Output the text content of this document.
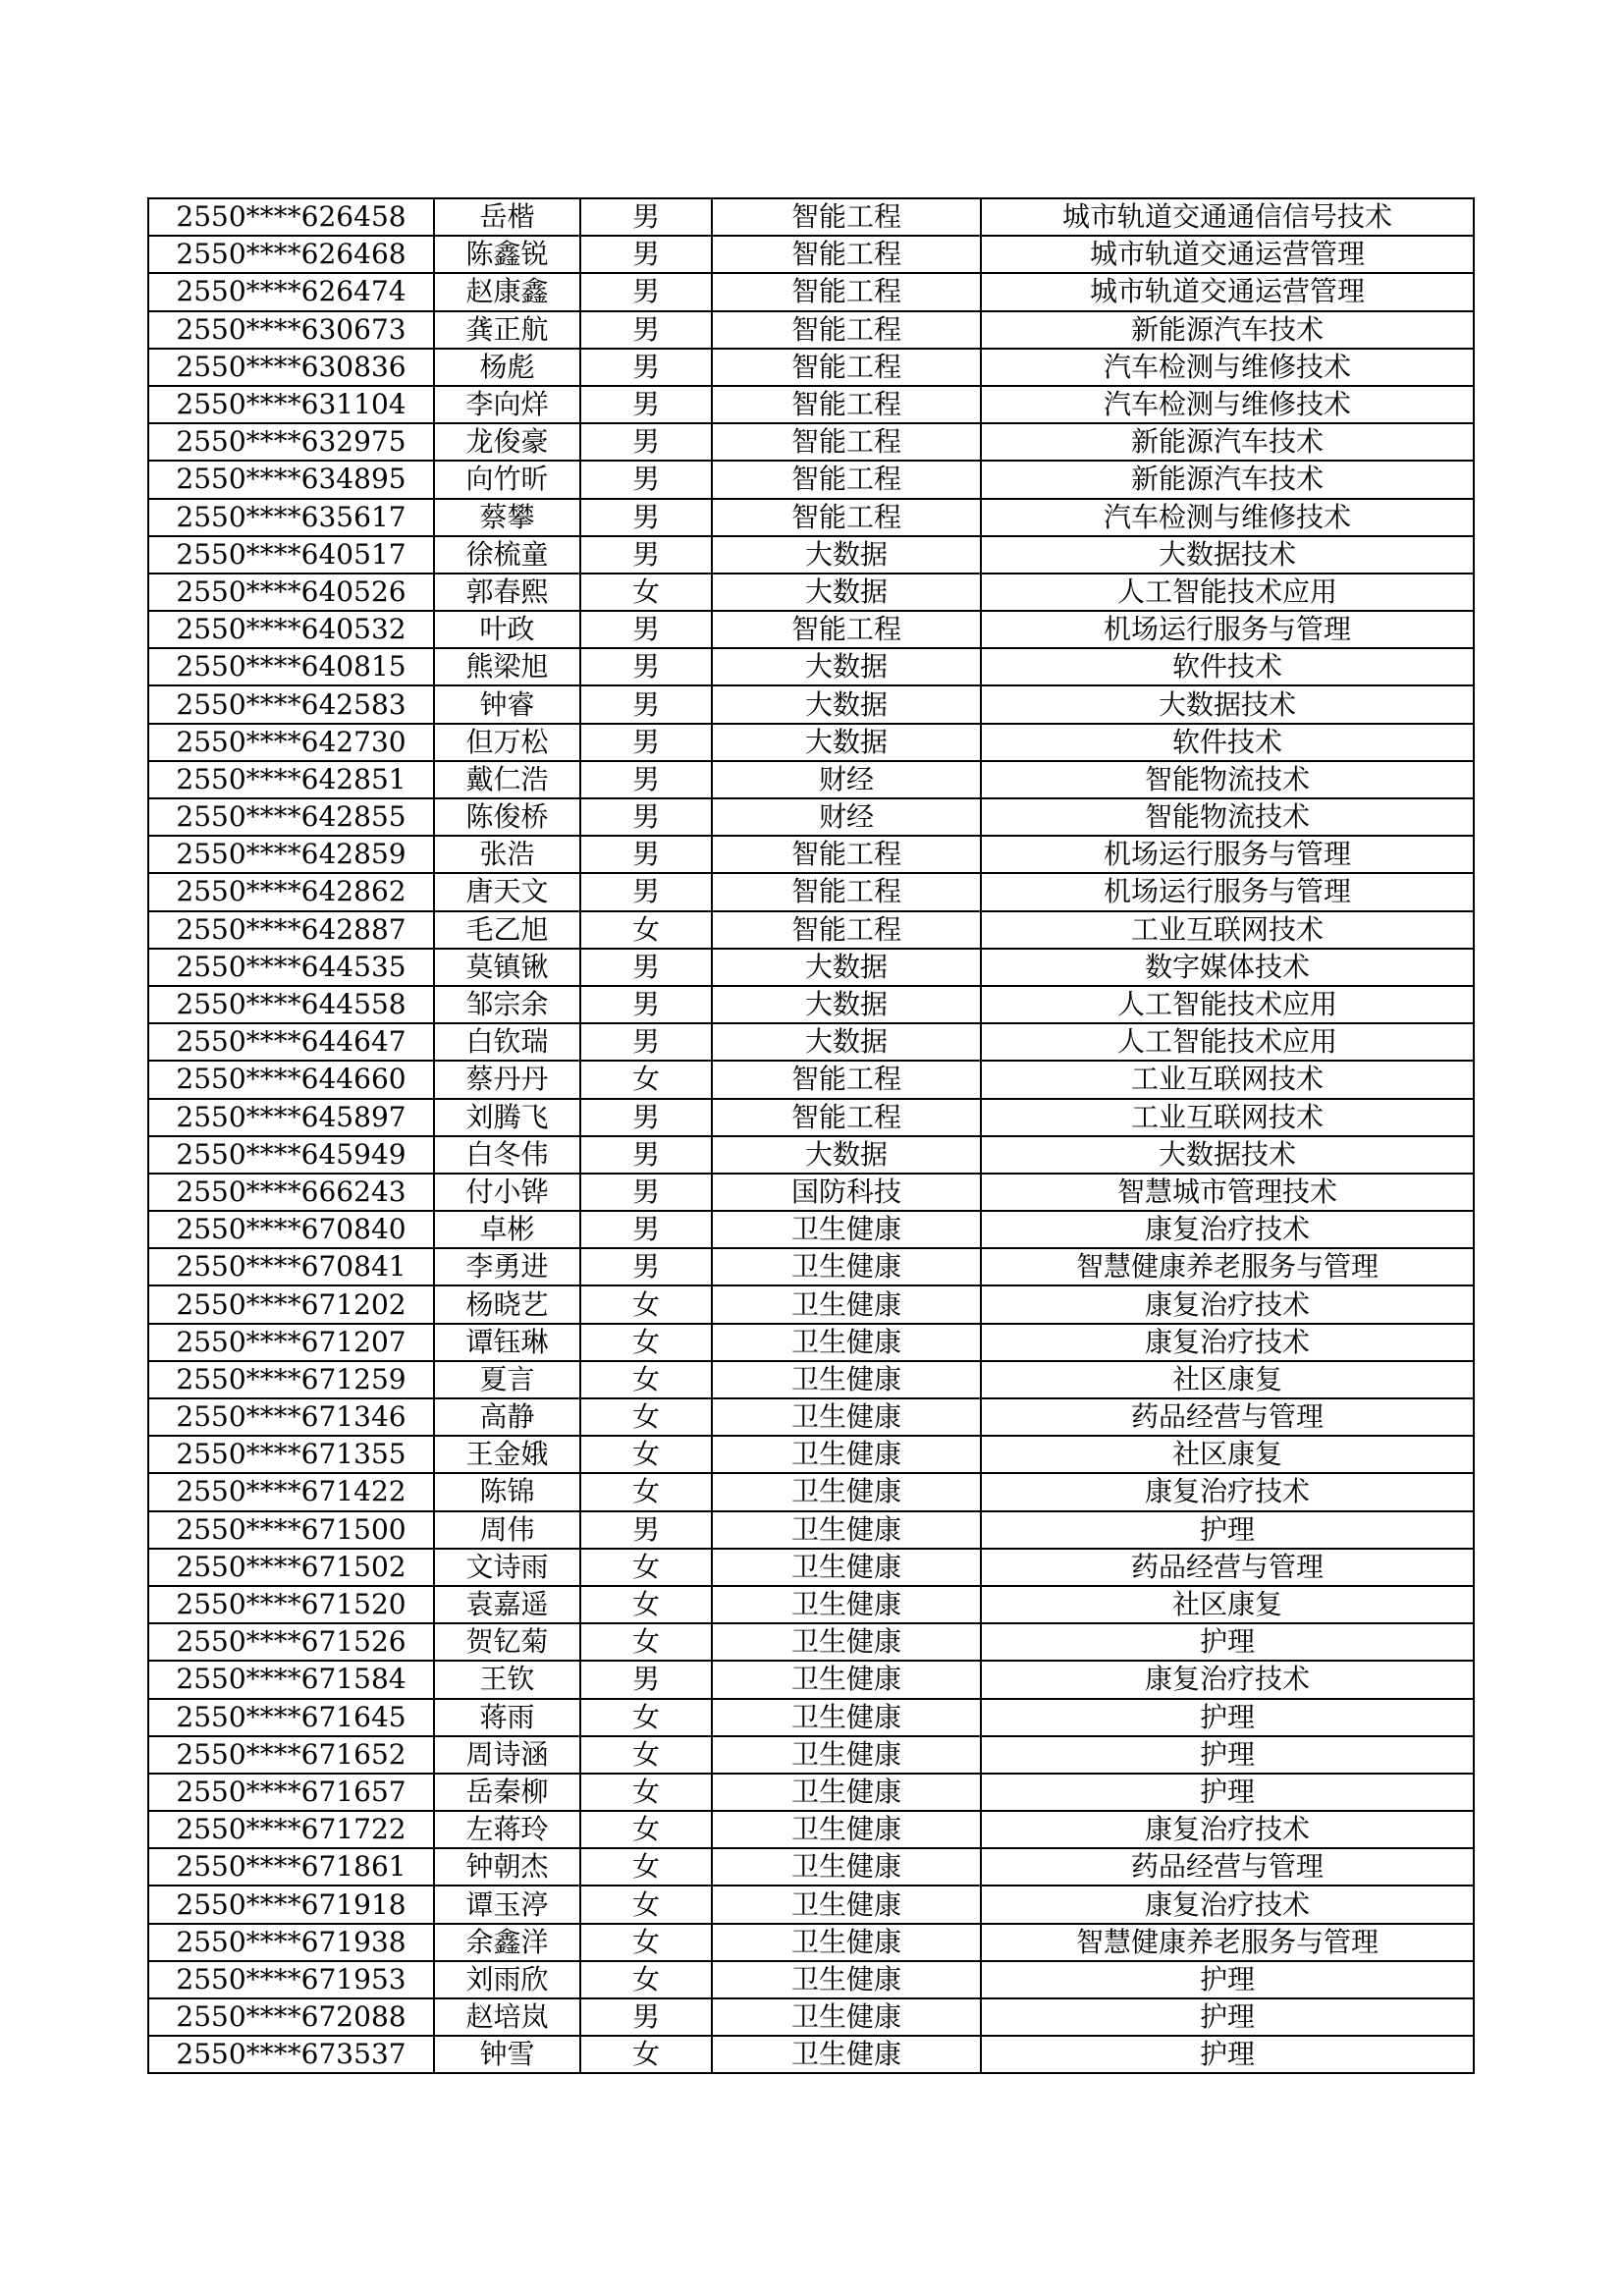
2550****626458	岳楷	男	智能工程	城市轨道交通通信信号技术
2550****626468	陈鑫锐	男	智能工程	城市轨道交通运营管理
2550****626474	赵康鑫	男	智能工程	城市轨道交通运营管理
2550****630673	龚正航	男	智能工程	新能源汽车技术
2550****630836	杨彪	男	智能工程	汽车检测与维修技术
2550****631104	李向烊	男	智能工程	汽车检测与维修技术
2550****632975	龙俊豪	男	智能工程	新能源汽车技术
2550****634895	向竹昕	男	智能工程	新能源汽车技术
2550****635617	蔡攀	男	智能工程	汽车检测与维修技术
2550****640517	徐梳童	男	大数据	大数据技术
2550****640526	郭春熙	女	大数据	人工智能技术应用
2550****640532	叶政	男	智能工程	机场运行服务与管理
2550****640815	熊梁旭	男	大数据	软件技术
2550****642583	钟睿	男	大数据	大数据技术
2550****642730	但万松	男	大数据	软件技术
2550****642851	戴仁浩	男	财经	智能物流技术
2550****642855	陈俊桥	男	财经	智能物流技术
2550****642859	张浩	男	智能工程	机场运行服务与管理
2550****642862	唐天文	男	智能工程	机场运行服务与管理
2550****642887	毛乙旭	女	智能工程	工业互联网技术
2550****644535	莫镇锹	男	大数据	数字媒体技术
2550****644558	邹宗余	男	大数据	人工智能技术应用
2550****644647	白钦瑞	男	大数据	人工智能技术应用
2550****644660	蔡丹丹	女	智能工程	工业互联网技术
2550****645897	刘腾飞	男	智能工程	工业互联网技术
2550****645949	白冬伟	男	大数据	大数据技术
2550****666243	付小铧	男	国防科技	智慧城市管理技术
2550****670840	卓彬	男	卫生健康	康复治疗技术
2550****670841	李勇进	男	卫生健康	智慧健康养老服务与管理
2550****671202	杨晓艺	女	卫生健康	康复治疗技术
2550****671207	谭钰琳	女	卫生健康	康复治疗技术
2550****671259	夏言	女	卫生健康	社区康复
2550****671346	高静	女	卫生健康	药品经营与管理
2550****671355	王金娥	女	卫生健康	社区康复
2550****671422	陈锦	女	卫生健康	康复治疗技术
2550****671500	周伟	男	卫生健康	护理
2550****671502	文诗雨	女	卫生健康	药品经营与管理
2550****671520	袁嘉遥	女	卫生健康	社区康复
2550****671526	贺钇菊	女	卫生健康	护理
2550****671584	王钦	男	卫生健康	康复治疗技术
2550****671645	蒋雨	女	卫生健康	护理
2550****671652	周诗涵	女	卫生健康	护理
2550****671657	岳秦柳	女	卫生健康	护理
2550****671722	左蒋玲	女	卫生健康	康复治疗技术
2550****671861	钟朝杰	女	卫生健康	药品经营与管理
2550****671918	谭玉渟	女	卫生健康	康复治疗技术
2550****671938	余鑫洋	女	卫生健康	智慧健康养老服务与管理
2550****671953	刘雨欣	女	卫生健康	护理
2550****672088	赵培岚	男	卫生健康	护理
2550****673537	钟雪	女	卫生健康	护理
